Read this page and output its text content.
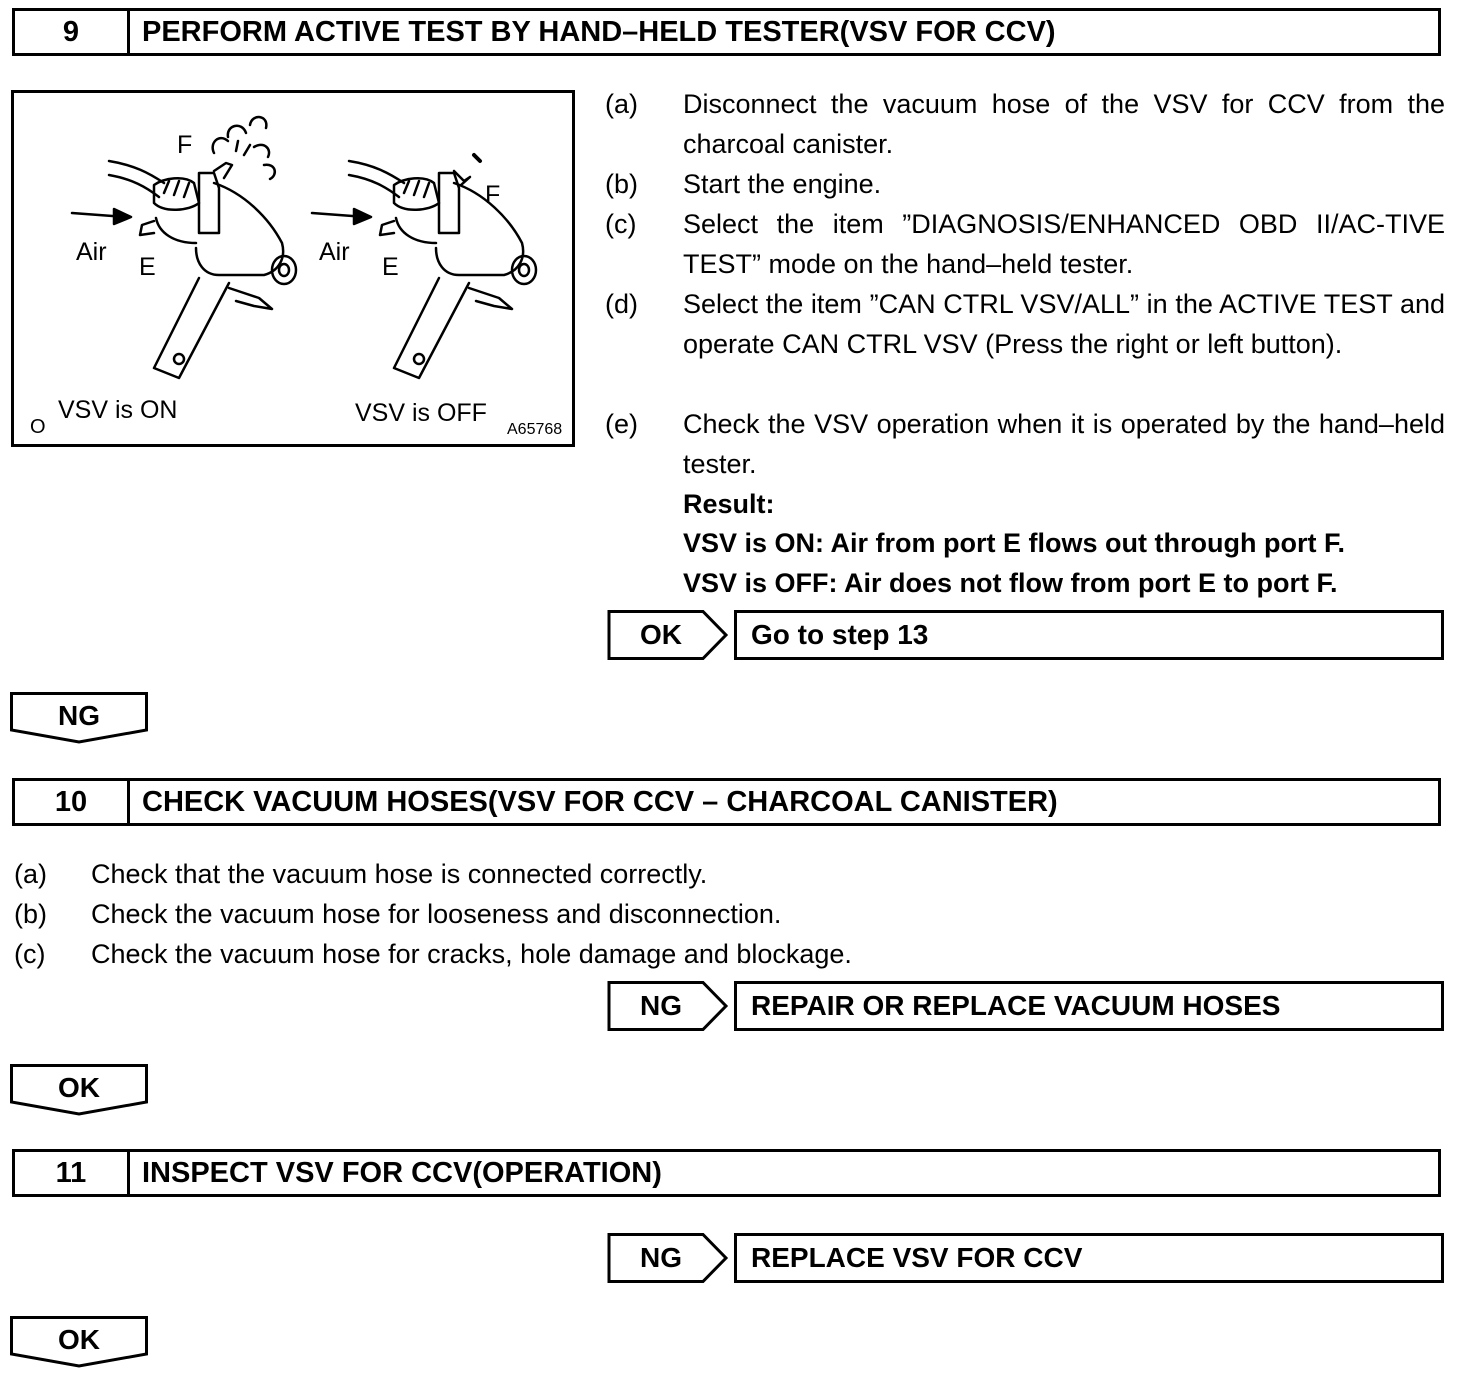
9	PERFORM ACTIVE TEST BY HAND–HELD TESTER(VSV FOR CCV)
F
F
Air	Air
E	E
VSV is ON	VSV is OFF
O	A65768
(a) Disconnect the vacuum hose of the VSV for CCV from the charcoal canister.
(b) Start the engine.
(c) Select the item ”DIAGNOSIS/ENHANCED OBD II/AC‑TIVE TEST” mode on the hand–held tester.
(d) Select the item ”CAN CTRL VSV/ALL” in the ACTIVE TEST and operate CAN CTRL VSV (Press the right or left button).
(e) Check the VSV operation when it is operated by the hand–held tester.
Result:
VSV is ON: Air from port E flows out through port F.
VSV is OFF: Air does not flow from port E to port F.
OK	Go to step 13
NG
10	CHECK VACUUM HOSES(VSV FOR CCV – CHARCOAL CANISTER)
(a) Check that the vacuum hose is connected correctly.
(b) Check the vacuum hose for looseness and disconnection.
(c) Check the vacuum hose for cracks, hole damage and blockage.
NG	REPAIR OR REPLACE VACUUM HOSES
OK
11	INSPECT VSV FOR CCV(OPERATION)
NG	REPLACE VSV FOR CCV
OK
